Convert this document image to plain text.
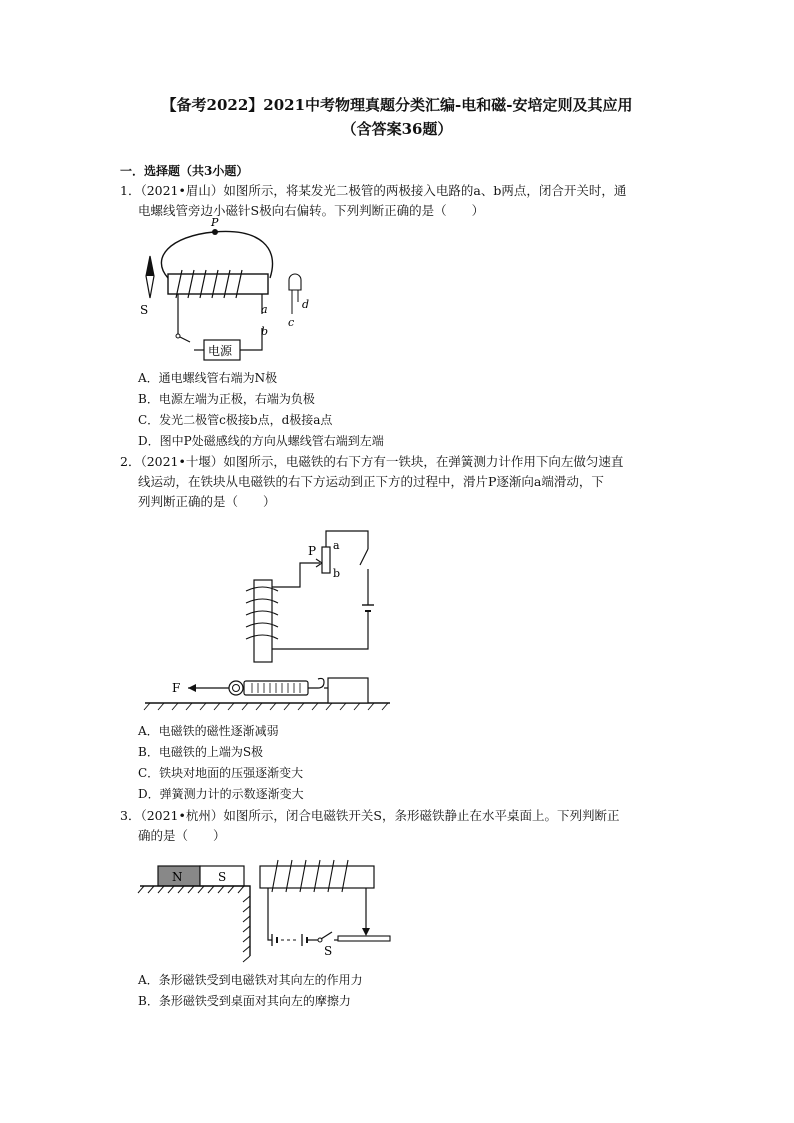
【备考2022】2021中考物理真题分类汇编-电和磁-安培定则及其应用
（含答案36题）
一．选择题（共3小题）
1．（2021•眉山）如图所示，将某发光二极管的两极接入电路的a、b两点，闭合开关时，通
电螺线管旁边小磁针S极向右偏转。下列判断正确的是（　　）
P
S
电源
a
b
d
c
A．通电螺线管右端为N极
B．电源左端为正极，右端为负极
C．发光二极管c极接b点，d极接a点
D．图中P处磁感线的方向从螺线管右端到左端
2．（2021•十堰）如图所示，电磁铁的右下方有一铁块，在弹簧测力计作用下向左做匀速直
线运动，在铁块从电磁铁的右下方运动到正下方的过程中，滑片P逐渐向a端滑动，下
列判断正确的是（　　）
P a
b
F
A．电磁铁的磁性逐渐减弱
B．电磁铁的上端为S极
C．铁块对地面的压强逐渐变大
D．弹簧测力计的示数逐渐变大
3．（2021•杭州）如图所示，闭合电磁铁开关S，条形磁铁静止在水平桌面上。下列判断正
确的是（　　）
N	S
S
A．条形磁铁受到电磁铁对其向左的作用力
B．条形磁铁受到桌面对其向左的摩擦力
